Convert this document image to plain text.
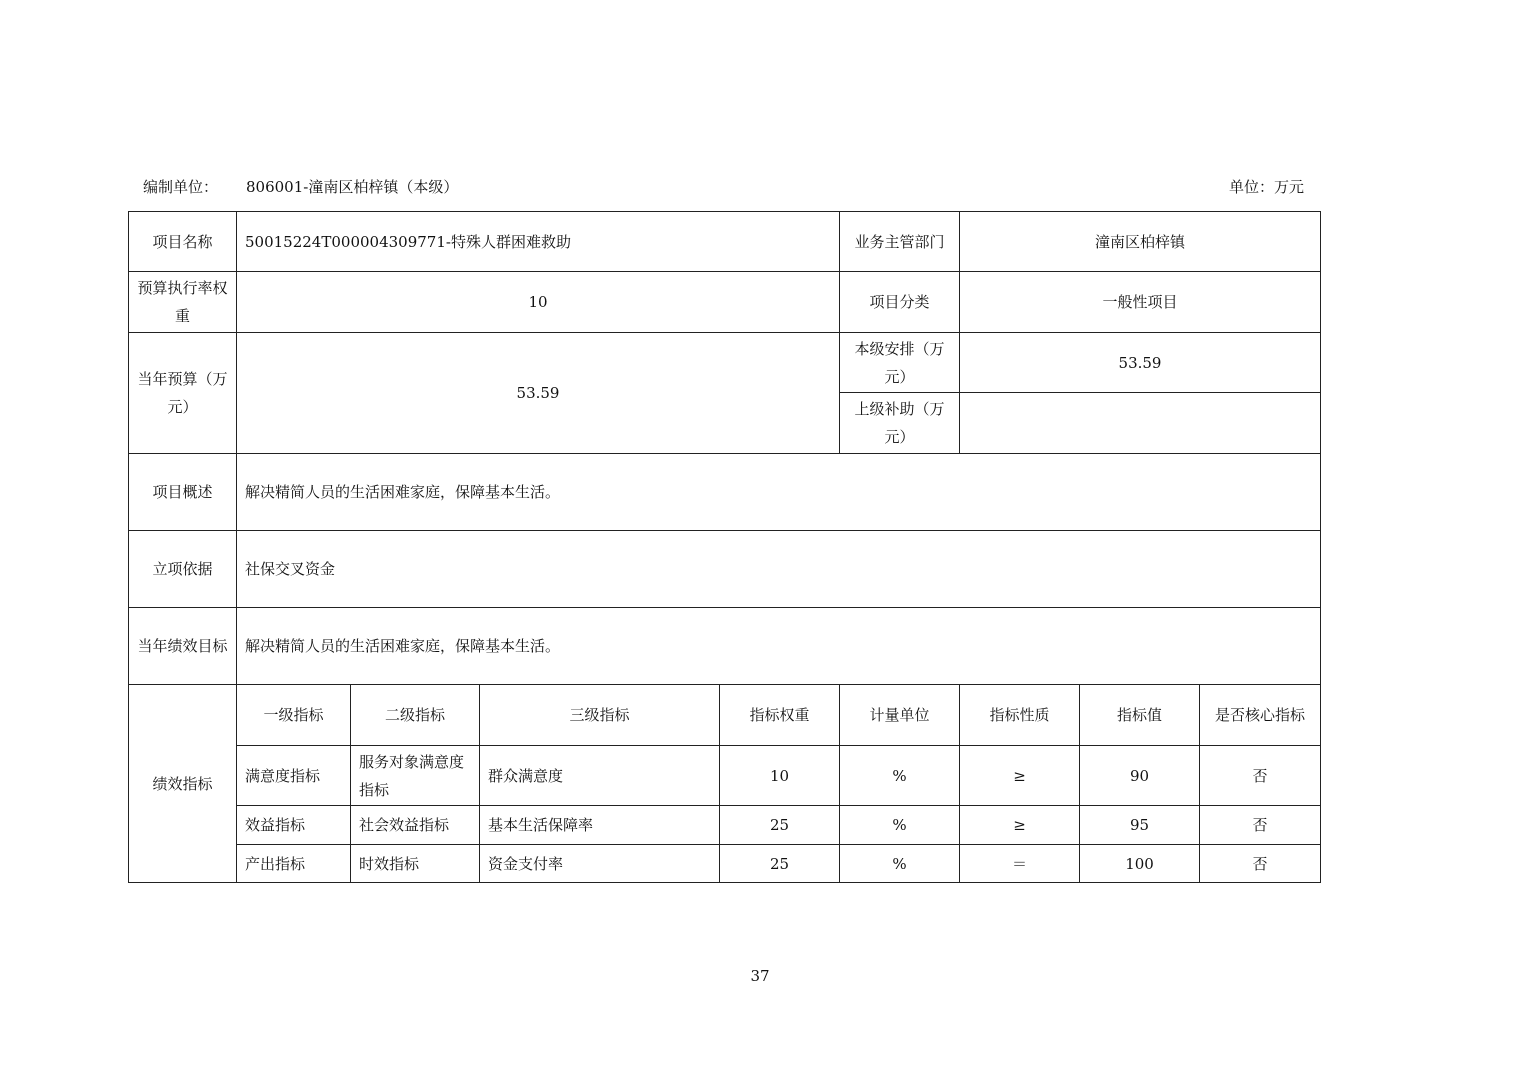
编制单位： 806001-潼南区柏梓镇（本级）	单位：万元
项目名称	50015224T000004309771-特殊人群困难救助				业务主管部门	潼南区柏梓镇		
预算执行率权重	10				项目分类	一般性项目		
当年预算（万元）	53.59				本级安排（万元）	53.59		
					上级补助（万元）			
项目概述	解决精简人员的生活困难家庭，保障基本生活。							
立项依据	社保交叉资金							
当年绩效目标	解决精简人员的生活困难家庭，保障基本生活。							
绩效指标	一级指标	二级指标	三级指标	指标权重	计量单位	指标性质	指标值	是否核心指标
	满意度指标	服务对象满意度指标	群众满意度	10	%	≥	90	否
	效益指标	社会效益指标	基本生活保障率	25	%	≥	95	否
	产出指标	时效指标	资金支付率	25	%	＝	100	否
37
